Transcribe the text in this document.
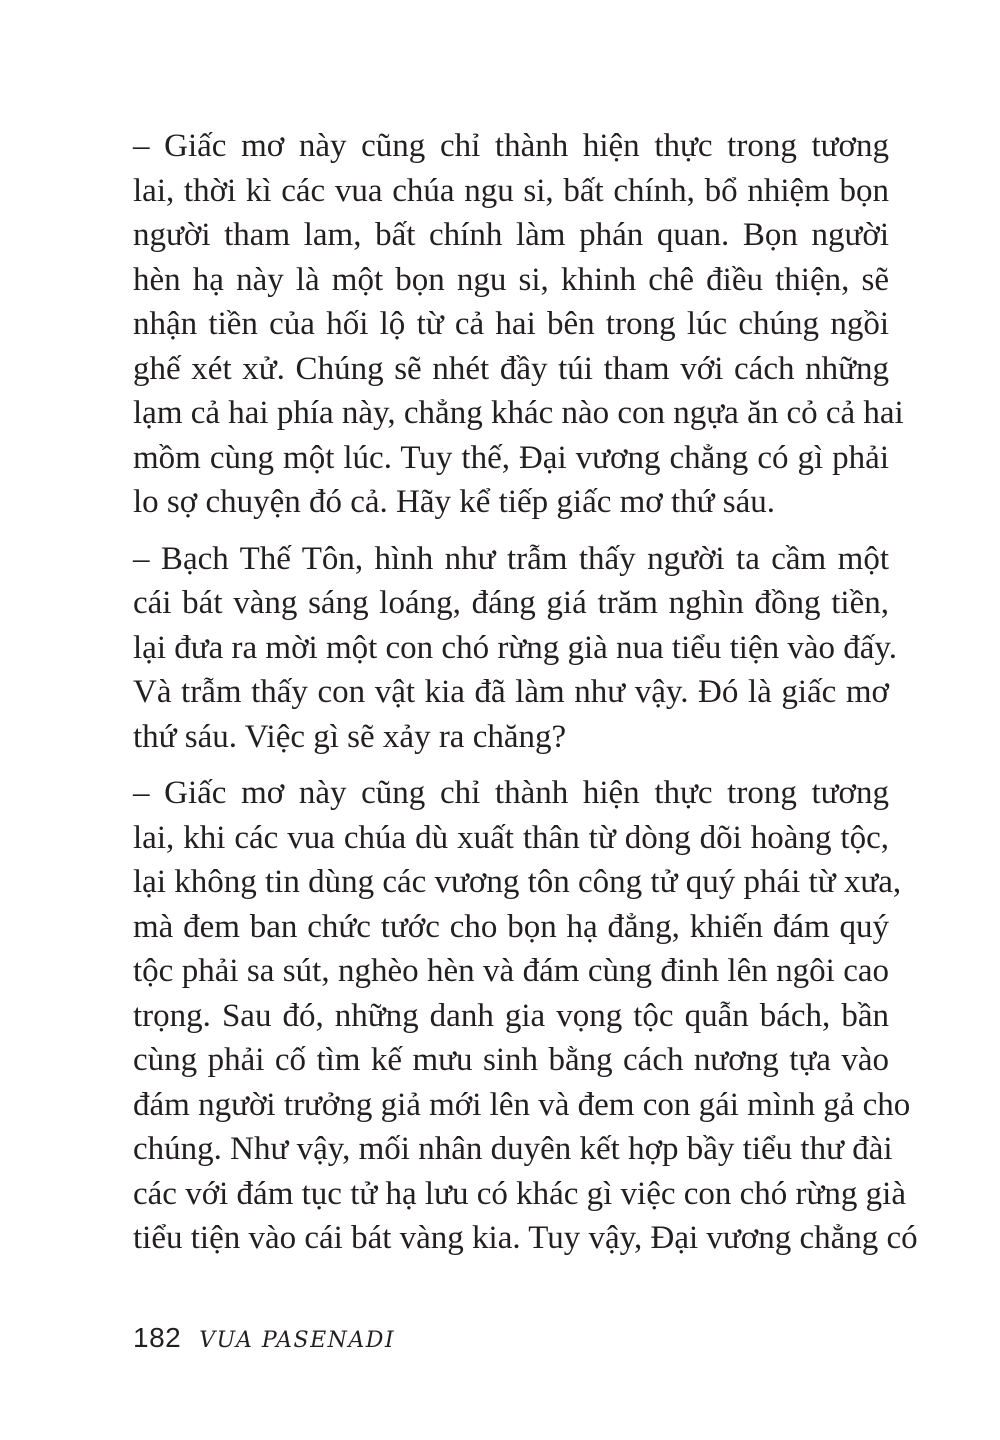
– Giấc mơ này cũng chỉ thành hiện thực trong tương
lai, thời kì các vua chúa ngu si, bất chính, bổ nhiệm bọn
người tham lam, bất chính làm phán quan. Bọn người
hèn hạ này là một bọn ngu si, khinh chê điều thiện, sẽ
nhận tiền của hối lộ từ cả hai bên trong lúc chúng ngồi
ghế xét xử. Chúng sẽ nhét đầy túi tham với cách những
lạm cả hai phía này, chẳng khác nào con ngựa ăn cỏ cả hai
mồm cùng một lúc. Tuy thế, Đại vương chẳng có gì phải
lo sợ chuyện đó cả. Hãy kể tiếp giấc mơ thứ sáu.

– Bạch Thế Tôn, hình như trẫm thấy người ta cầm một
cái bát vàng sáng loáng, đáng giá trăm nghìn đồng tiền,
lại đưa ra mời một con chó rừng già nua tiểu tiện vào đấy.
Và trẫm thấy con vật kia đã làm như vậy. Đó là giấc mơ
thứ sáu. Việc gì sẽ xảy ra chăng?

– Giấc mơ này cũng chỉ thành hiện thực trong tương
lai, khi các vua chúa dù xuất thân từ dòng dõi hoàng tộc,
lại không tin dùng các vương tôn công tử quý phái từ xưa,
mà đem ban chức tước cho bọn hạ đẳng, khiến đám quý
tộc phải sa sút, nghèo hèn và đám cùng đinh lên ngôi cao
trọng. Sau đó, những danh gia vọng tộc quẫn bách, bần
cùng phải cố tìm kế mưu sinh bằng cách nương tựa vào
đám người trưởng giả mới lên và đem con gái mình gả cho
chúng. Như vậy, mối nhân duyên kết hợp bầy tiểu thư đài
các với đám tục tử hạ lưu có khác gì việc con chó rừng già
tiểu tiện vào cái bát vàng kia. Tuy vậy, Đại vương chẳng có

182 VUA PASENADI
